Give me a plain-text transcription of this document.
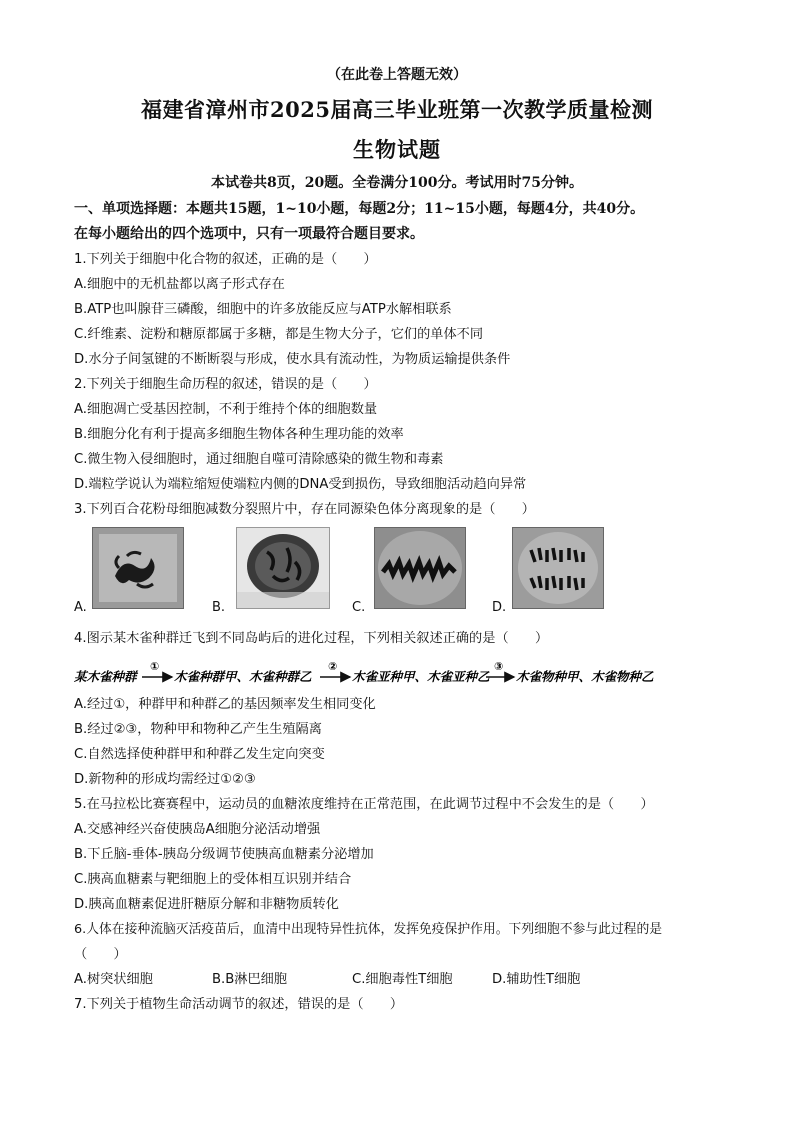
（在此卷上答题无效）
福建省漳州市2025届高三毕业班第一次教学质量检测
生物试题
本试卷共8页，20题。全卷满分100分。考试用时75分钟。
一、单项选择题：本题共15题，1~10小题，每题2分；11~15小题，每题4分，共40分。
在每小题给出的四个选项中，只有一项最符合题目要求。
1.下列关于细胞中化合物的叙述，正确的是（　　）
A.细胞中的无机盐都以离子形式存在
B.ATP也叫腺苷三磷酸，细胞中的许多放能反应与ATP水解相联系
C.纤维素、淀粉和糖原都属于多糖，都是生物大分子，它们的单体不同
D.水分子间氢键的不断断裂与形成，使水具有流动性，为物质运输提供条件
2.下列关于细胞生命历程的叙述，错误的是（　　）
A.细胞凋亡受基因控制，不利于维持个体的细胞数量
B.细胞分化有利于提高多细胞生物体各种生理功能的效率
C.微生物入侵细胞时，通过细胞自噬可清除感染的微生物和毒素
D.端粒学说认为端粒缩短使端粒内侧的DNA受到损伤，导致细胞活动趋向异常
3.下列百合花粉母细胞减数分裂照片中，存在同源染色体分离现象的是（　　）
A.	B.	C.	D.
4.图示某木雀种群迁飞到不同岛屿后的进化过程，下列相关叙述正确的是（　　）
某木雀种群
①
木雀种群甲、木雀种群乙
②
木雀亚种甲、木雀亚种乙
③
木雀物种甲、木雀物种乙
A.经过①，种群甲和种群乙的基因频率发生相同变化
B.经过②③，物种甲和物种乙产生生殖隔离
C.自然选择使种群甲和种群乙发生定向突变
D.新物种的形成均需经过①②③
5.在马拉松比赛赛程中，运动员的血糖浓度维持在正常范围，在此调节过程中不会发生的是（　　）
A.交感神经兴奋使胰岛A细胞分泌活动增强
B.下丘脑-垂体-胰岛分级调节使胰高血糖素分泌增加
C.胰高血糖素与靶细胞上的受体相互识别并结合
D.胰高血糖素促进肝糖原分解和非糖物质转化
6.人体在接种流脑灭活疫苗后，血清中出现特异性抗体，发挥免疫保护作用。下列细胞不参与此过程的是
（　　）
A.树突状细胞	B.B淋巴细胞	C.细胞毒性T细胞	D.辅助性T细胞
7.下列关于植物生命活动调节的叙述，错误的是（　　）
